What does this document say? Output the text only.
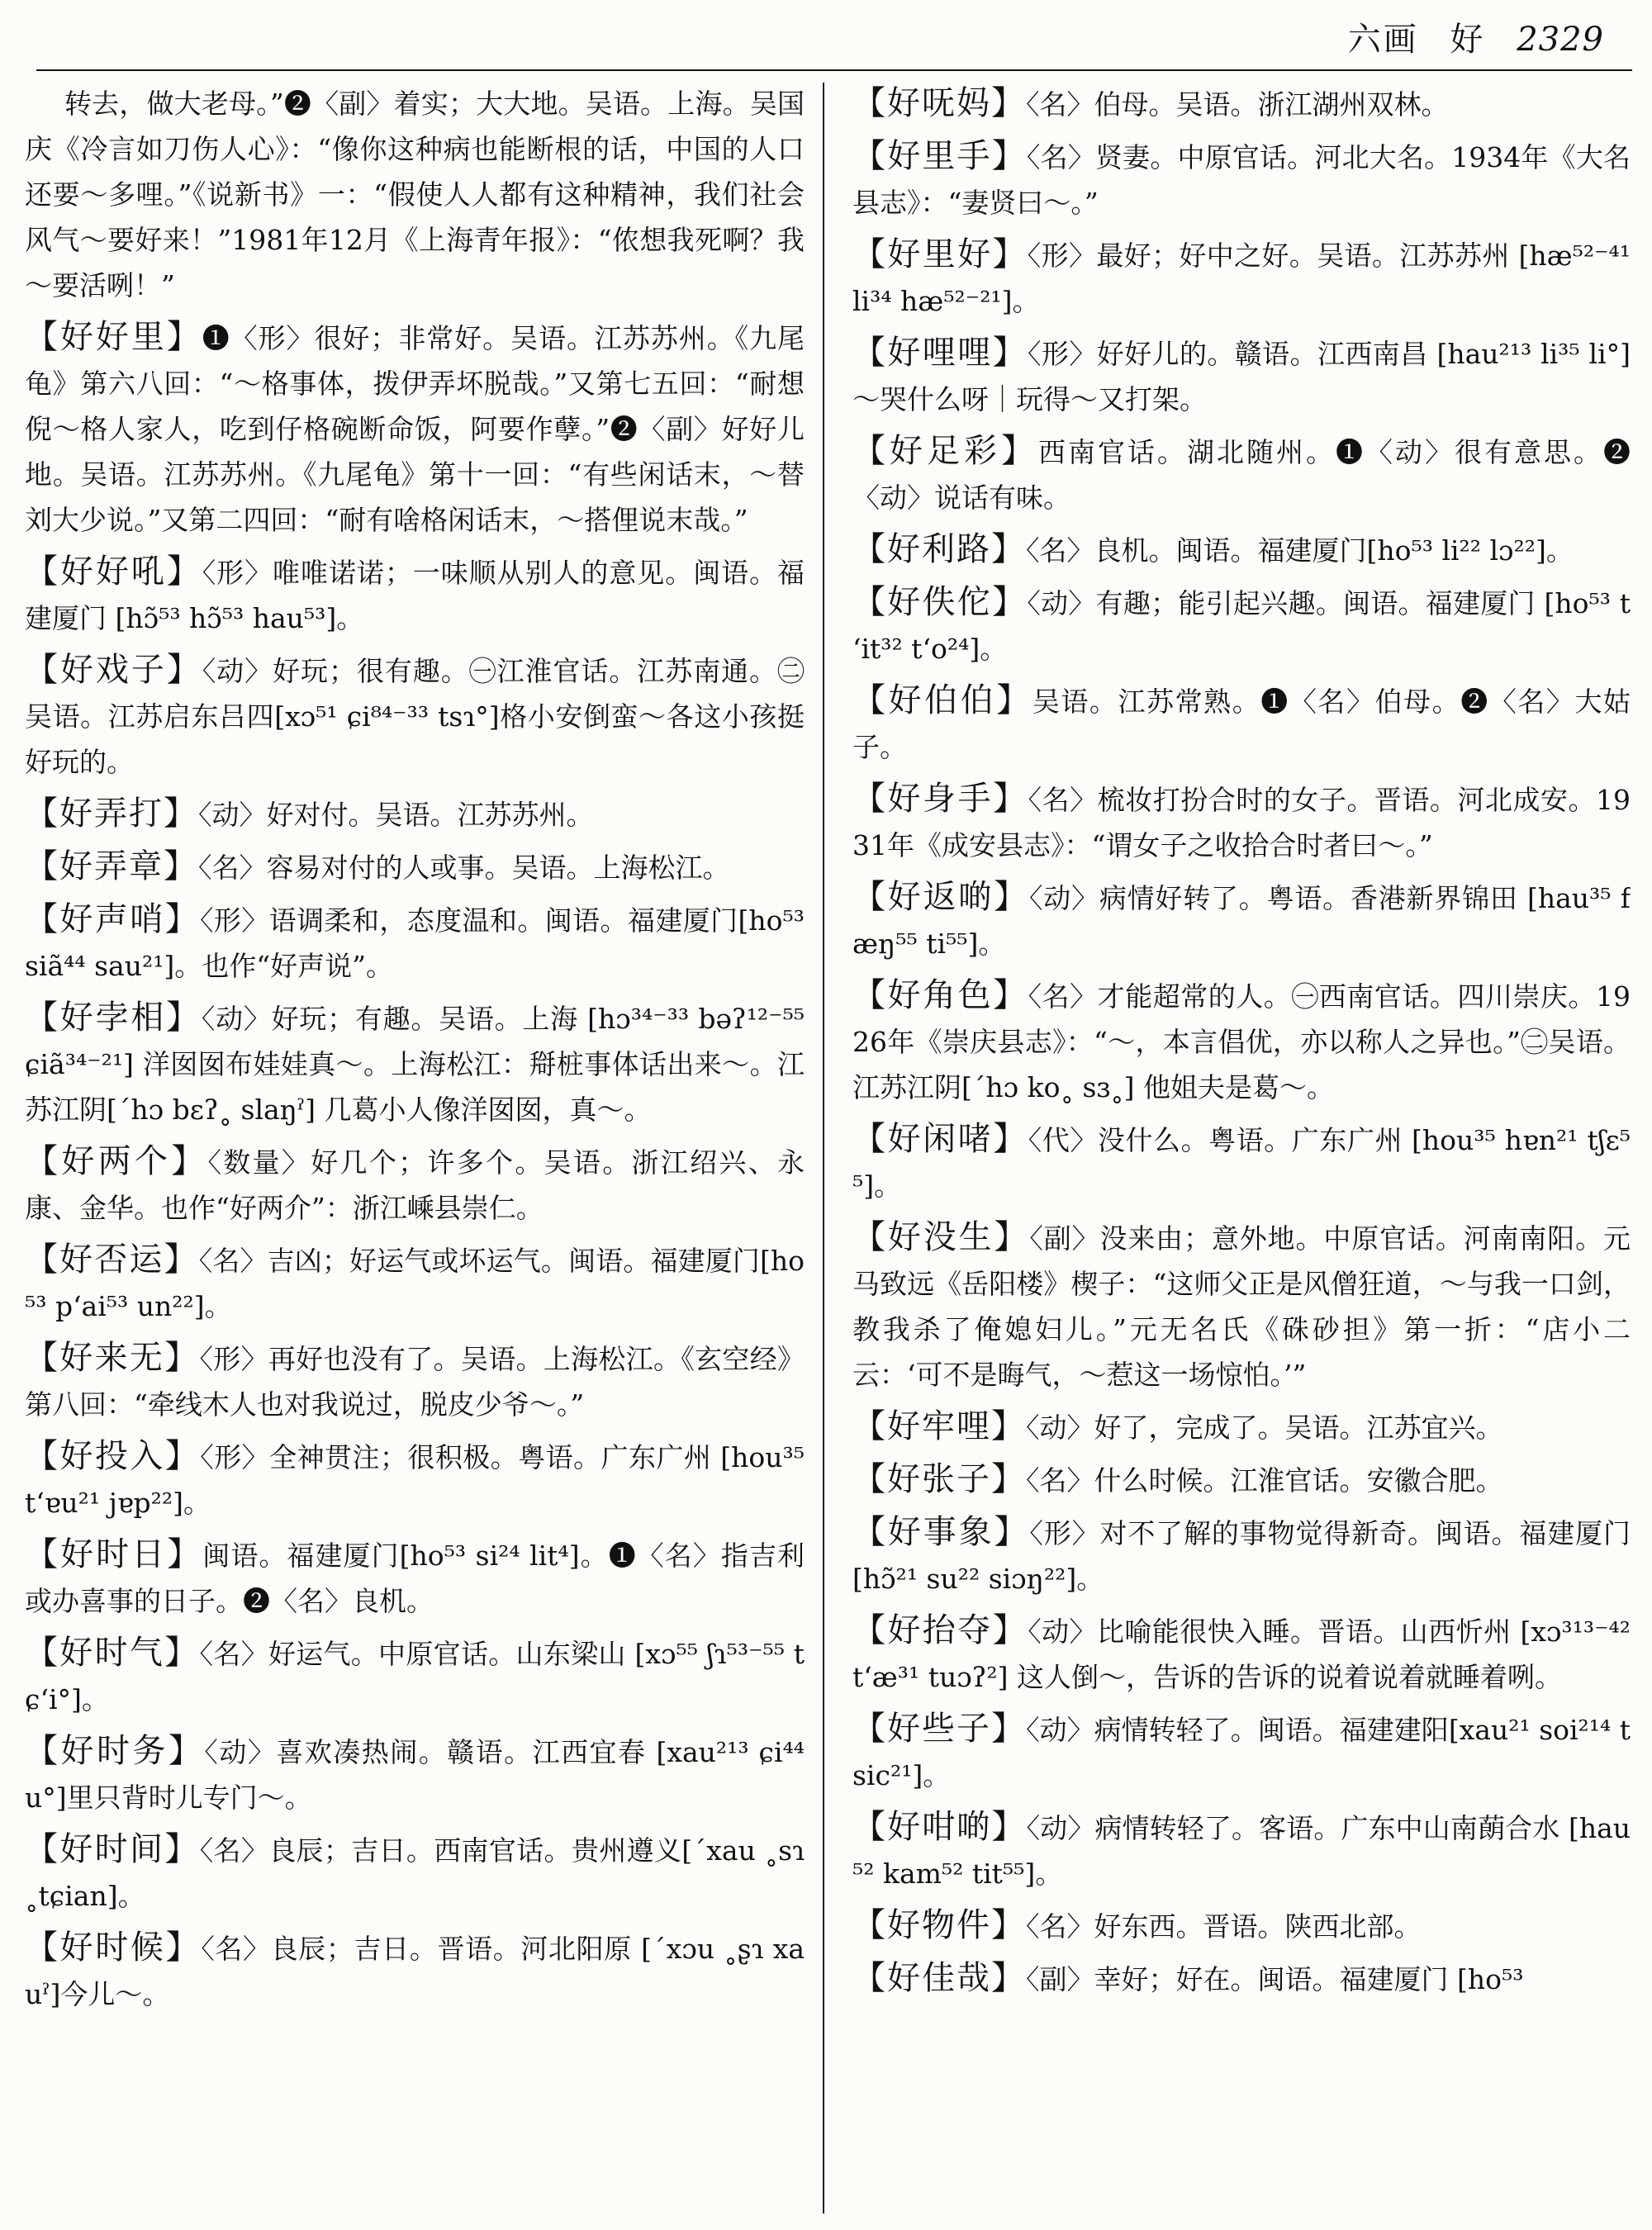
六画 好 2329

转去，做大老母。”❷〈副〉着实；大大地。吴语。上海。吴国庆《冷言如刀伤人心》：“像你这种病也能断根的话，中国的人口还要～多哩。”《说新书》一：“假使人人都有这种精神，我们社会风气～要好来！”1981年12月《上海青年报》：“侬想我死啊？我～要活咧！”

【 好好里 】 ❶〈形〉很好；非常好。吴语。江苏苏州。《九尾龟》第六八回：“～格事体，拨伊弄坏脱哉。”又第七五回：“耐想倪～格人家人，吃到仔格碗断命饭，阿要作孽。”❷〈副〉好好儿地。吴语。江苏苏州。《九尾龟》第十一回：“有些闲话末，～替刘大少说。”又第二四回：“耐有啥格闲话末，～搭俚说末哉。”

【 好好吼 】 〈形〉唯唯诺诺；一味顺从别人的意见。闽语。福建厦门 [hɔ̃⁵³ hɔ̃⁵³ hau⁵³]。

【 好戏子 】 〈动〉好玩；很有趣。㊀江淮官话。江苏南通。㊁吴语。江苏启东吕四[xɔ⁵¹ ɕi⁸⁴⁻³³ tsɿ°]格小安倒蛮～各这小孩挺好玩的。

【 好弄打 】 〈动〉好对付。吴语。江苏苏州。

【 好弄章 】 〈名〉容易对付的人或事。吴语。上海松江。

【 好声哨 】 〈形〉语调柔和，态度温和。闽语。福建厦门[ho⁵³ siã⁴⁴ sau²¹]。也作“好声说”。

【 好孛相 】 〈动〉好玩；有趣。吴语。上海 [hɔ³⁴⁻³³ bəʔ¹²⁻⁵⁵ ɕiã³⁴⁻²¹] 洋囡囡布娃娃真～。上海松江：搿桩事体话出来～。江苏江阴[ˊhɔ bɛʔ˳ slaŋˀ] 几葛小人像洋囡囡，真～。

【 好两个 】 〈数量〉好几个；许多个。吴语。浙江绍兴、永康、金华。也作“好两介”：浙江嵊县崇仁。

【 好否运 】 〈名〉吉凶；好运气或坏运气。闽语。福建厦门[ho⁵³ pʻai⁵³ un²²]。

【 好来无 】 〈形〉再好也没有了。吴语。上海松江。《玄空经》第八回：“牵线木人也对我说过，脱皮少爷～。”

【 好投入 】 〈形〉全神贯注；很积极。粤语。广东广州 [hou³⁵ tʻɐu²¹ jɐp²²]。

【 好时日 】 闽语。福建厦门[ho⁵³ si²⁴ lit⁴]。❶〈名〉指吉利或办喜事的日子。❷〈名〉良机。

【 好时气 】 〈名〉好运气。中原官话。山东梁山 [xɔ⁵⁵ ʃɿ⁵³⁻⁵⁵ tɕʻi°]。

【 好时务 】 〈动〉喜欢凑热闹。赣语。江西宜春 [xau²¹³ ɕi⁴⁴ u°]里只背时儿专门～。

【 好时间 】 〈名〉良辰；吉日。西南官话。贵州遵义[ˊxau ˳sɿ ˳tɕian]。

【 好时候 】 〈名〉良辰；吉日。晋语。河北阳原 [ˊxɔu ˳ʂɿ xauˀ]今儿～。

【 好呒妈 】 〈名〉伯母。吴语。浙江湖州双林。

【 好里手 】 〈名〉贤妻。中原官话。河北大名。1934年《大名县志》：“妻贤曰～。”

【 好里好 】 〈形〉最好；好中之好。吴语。江苏苏州 [hæ⁵²⁻⁴¹ li³⁴ hæ⁵²⁻²¹]。

【 好哩哩 】 〈形〉好好儿的。赣语。江西南昌 [hau²¹³ li³⁵ li°]～哭什么呀｜玩得～又打架。

【 好足彩 】 西南官话。湖北随州。❶〈动〉很有意思。❷〈动〉说话有味。

【 好利路 】 〈名〉良机。闽语。福建厦门[ho⁵³ li²² lɔ²²]。

【 好佚佗 】 〈动〉有趣；能引起兴趣。闽语。福建厦门 [ho⁵³ tʻit³² tʻo²⁴]。

【 好伯伯 】 吴语。江苏常熟。❶〈名〉伯母。❷〈名〉大姑子。

【 好身手 】 〈名〉梳妆打扮合时的女子。晋语。河北成安。1931年《成安县志》：“谓女子之收拾合时者曰～。”

【 好返啲 】 〈动〉病情好转了。粤语。香港新界锦田 [hau³⁵ fæŋ⁵⁵ ti⁵⁵]。

【 好角色 】 〈名〉才能超常的人。㊀西南官话。四川崇庆。1926年《崇庆县志》：“～，本言倡优，亦以称人之异也。”㊁吴语。江苏江阴[ˊhɔ ko˳ sɜ˳] 他姐夫是葛～。

【 好闲啫 】 〈代〉没什么。粤语。广东广州 [hou³⁵ hɐn²¹ tʃɛ⁵⁵]。

【 好没生 】 〈副〉没来由；意外地。中原官话。河南南阳。元马致远《岳阳楼》楔子：“这师父正是风僧狂道，～与我一口剑，教我杀了俺媳妇儿。”元无名氏《硃砂担》第一折：“店小二云：‘可不是晦气，～惹这一场惊怕。’”

【 好牢哩 】 〈动〉好了，完成了。吴语。江苏宜兴。

【 好张子 】 〈名〉什么时候。江淮官话。安徽合肥。

【 好事象 】 〈形〉对不了解的事物觉得新奇。闽语。福建厦门 [hɔ̃²¹ su²² siɔŋ²²]。

【 好抬夺 】 〈动〉比喻能很快入睡。晋语。山西忻州 [xɔ³¹³⁻⁴² tʻæ³¹ tuɔʔ²] 这人倒～，告诉的告诉的说着说着就睡着咧。

【 好些子 】 〈动〉病情转轻了。闽语。福建建阳[xau²¹ soi²¹⁴ tsic²¹]。

【 好咁啲 】 〈动〉病情转轻了。客语。广东中山南蓢合水 [hau⁵² kam⁵² tit⁵⁵]。

【 好物件 】 〈名〉好东西。晋语。陕西北部。

【 好佳哉 】 〈副〉幸好；好在。闽语。福建厦门 [ho⁵³
